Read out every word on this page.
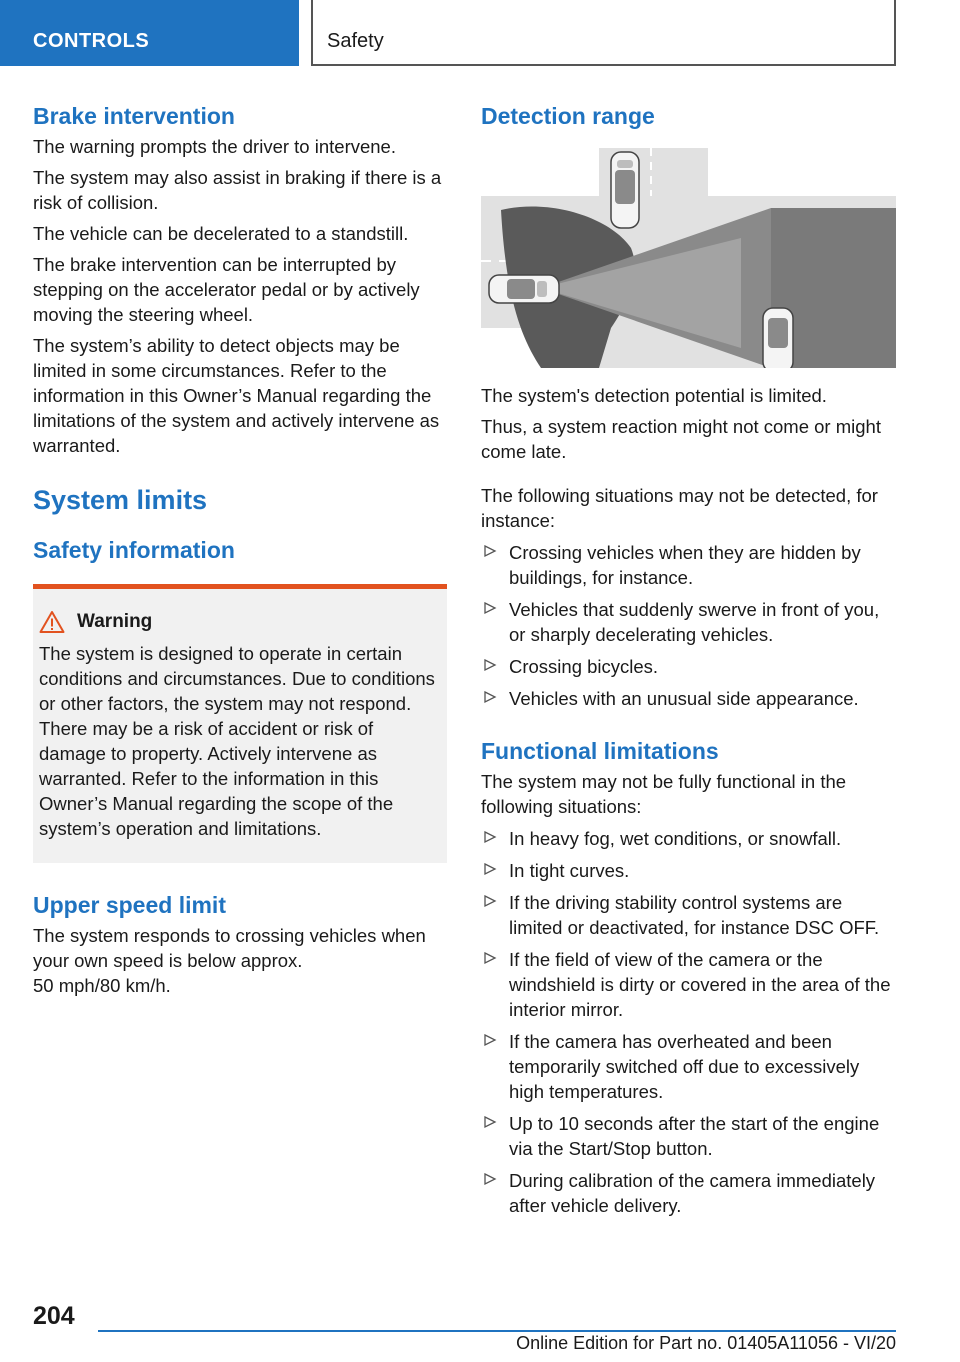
CONTROLS	Safety
Brake intervention

The warning prompts the driver to intervene.

The system may also assist in braking if there is a risk of collision.

The vehicle can be decelerated to a standstill.

The brake intervention can be interrupted by stepping on the accelerator pedal or by actively moving the steering wheel.

The system’s ability to detect objects may be limited in some circumstances. Refer to the information in this Owner’s Manual regarding the limitations of the system and actively intervene as warranted.

System limits
Safety information
Warning

The system is designed to operate in certain conditions and circumstances. Due to conditions or other factors, the system may not respond. There may be a risk of accident or risk of damage to property. Actively intervene as warranted. Refer to the information in this Owner’s Manual regarding the scope of the system’s operation and limitations.

Upper speed limit

The system responds to crossing vehicles when your own speed is below approx.
50 mph/80 km/h.

Detection range

The system's detection potential is limited.

Thus, a system reaction might not come or might come late.

The following situations may not be detected, for instance:

Crossing vehicles when they are hidden by buildings, for instance.
Vehicles that suddenly swerve in front of you, or sharply decelerating vehicles.
Crossing bicycles.
Vehicles with an unusual side appearance.
Functional limitations

The system may not be fully functional in the following situations:

In heavy fog, wet conditions, or snowfall.
In tight curves.
If the driving stability control systems are limited or deactivated, for instance DSC OFF.
If the field of view of the camera or the windshield is dirty or covered in the area of the interior mirror.
If the camera has overheated and been temporarily switched off due to excessively high temperatures.
Up to 10 seconds after the start of the engine via the Start/Stop button.
During calibration of the camera immediately after vehicle delivery.
204
Online Edition for Part no. 01405A11056 - VI/20
